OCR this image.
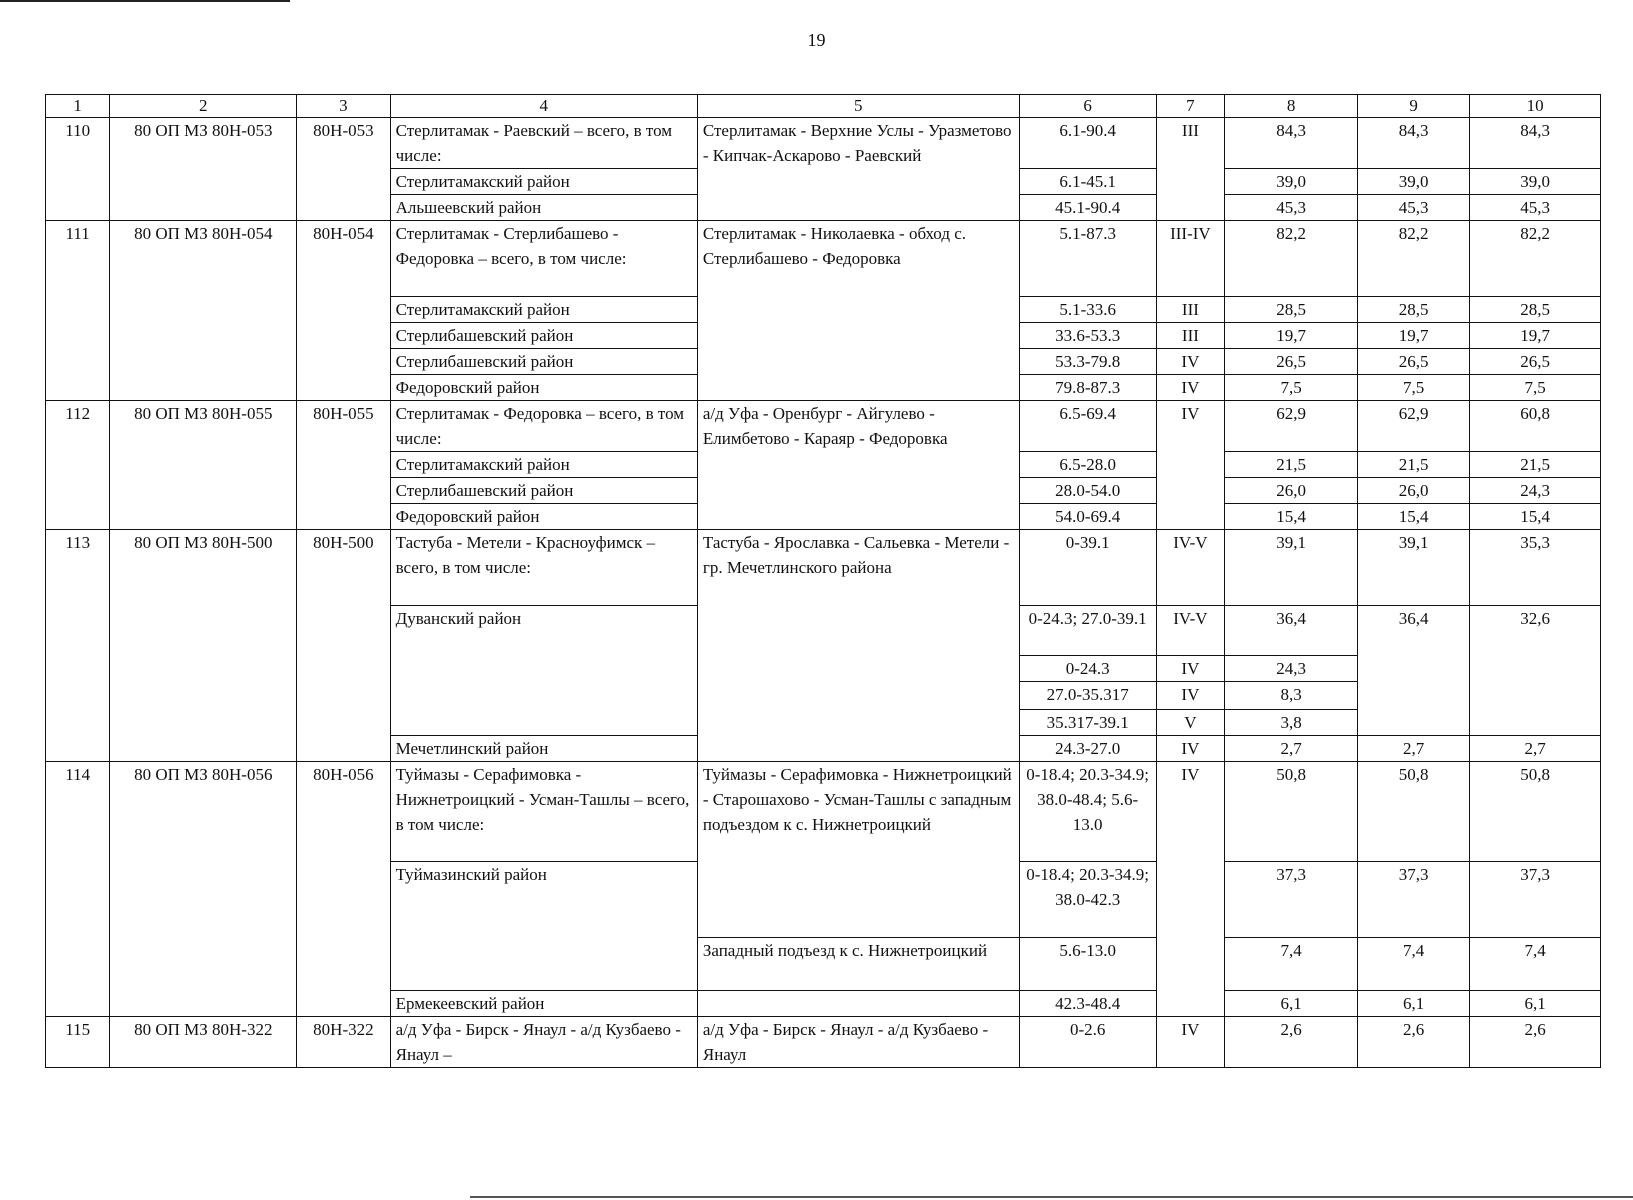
19
1	2	3	4	5	6	7	8	9	10
110	80 ОП МЗ 80Н-053	80Н-053	Стерлитамак - Раевский – всего, в том числе:	Стерлитамак - Верхние Услы - Уразметово - Кипчак-Аскарово - Раевский	6.1-90.4	III	84,3	84,3	84,3
			Стерлитамакский район		6.1-45.1		39,0	39,0	39,0
			Альшеевский район		45.1-90.4		45,3	45,3	45,3
111	80 ОП МЗ 80Н-054	80Н-054	Стерлитамак - Стерлибашево - Федоровка – всего, в том числе:	Стерлитамак - Николаевка - обход с. Стерлибашево - Федоровка	5.1-87.3	III-IV	82,2	82,2	82,2
			Стерлитамакский район		5.1-33.6	III	28,5	28,5	28,5
			Стерлибашевский район		33.6-53.3	III	19,7	19,7	19,7
			Стерлибашевский район		53.3-79.8	IV	26,5	26,5	26,5
			Федоровский район		79.8-87.3	IV	7,5	7,5	7,5
112	80 ОП МЗ 80Н-055	80Н-055	Стерлитамак - Федоровка – всего, в том числе:	а/д Уфа - Оренбург - Айгулево - Елимбетово - Караяр - Федоровка	6.5-69.4	IV	62,9	62,9	60,8
			Стерлитамакский район		6.5-28.0		21,5	21,5	21,5
			Стерлибашевский район		28.0-54.0		26,0	26,0	24,3
			Федоровский район		54.0-69.4		15,4	15,4	15,4
113	80 ОП МЗ 80Н-500	80Н-500	Тастуба - Метели - Красноуфимск – всего, в том числе:	Тастуба - Ярославка - Сальевка - Метели - гр. Мечетлинского района	0-39.1	IV-V	39,1	39,1	35,3
			Дуванский район		0-24.3; 27.0-39.1	IV-V	36,4	36,4	32,6
					0-24.3	IV	24,3		
					27.0-35.317	IV	8,3		
					35.317-39.1	V	3,8		
			Мечетлинский район		24.3-27.0	IV	2,7	2,7	2,7
114	80 ОП МЗ 80Н-056	80Н-056	Туймазы - Серафимовка - Нижнетроицкий - Усман-Ташлы – всего, в том числе:	Туймазы - Серафимовка - Нижнетроицкий - Старошахово - Усман-Ташлы с западным подъездом к с. Нижнетроицкий	0-18.4; 20.3-34.9; 38.0-48.4; 5.6-13.0	IV	50,8	50,8	50,8
			Туймазинский район		0-18.4; 20.3-34.9; 38.0-42.3		37,3	37,3	37,3
				Западный подъезд к с. Нижнетроицкий	5.6-13.0		7,4	7,4	7,4
			Ермекеевский район		42.3-48.4		6,1	6,1	6,1
115	80 ОП МЗ 80Н-322	80Н-322	а/д Уфа - Бирск - Янаул - а/д Кузбаево - Янаул –	а/д Уфа - Бирск - Янаул - а/д Кузбаево - Янаул	0-2.6	IV	2,6	2,6	2,6
